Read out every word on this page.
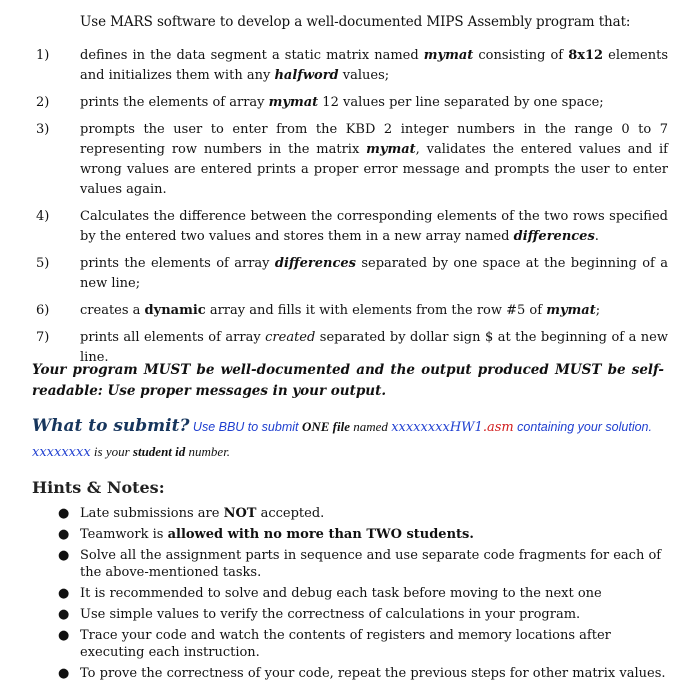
Use MARS software to develop a well-documented MIPS Assembly program that:
1)	defines in the data segment a static matrix named mymat consisting of 8x12 elements and initializes them with any halfword values;
2)	prints the elements of array mymat 12 values per line separated by one space;
3)	prompts the user to enter from the KBD 2 integer numbers in the range 0 to 7 representing row numbers in the matrix mymat, validates the entered values and if wrong values are entered prints a proper error message and prompts the user to enter values again.
4)	Calculates the difference between the corresponding elements of the two rows specified by the entered two values and stores them in a new array named differences.
5)	prints the elements of array differences separated by one space at the beginning of a new line;
6)	creates a dynamic array and fills it with elements from the row #5 of mymat;
7)	prints all elements of array created separated by dollar sign $ at the beginning of a new line.
Your program MUST be well-documented and the output produced MUST be self-readable: Use proper messages in your output.
What to submit? Use BBU to submit ONE file named xxxxxxxxHW1.asm containing your solution. xxxxxxxx is your student id number.
Hints & Notes:
● Late submissions are NOT accepted.
● Teamwork is allowed with no more than TWO students.
● Solve all the assignment parts in sequence and use separate code fragments for each of the above-mentioned tasks.
● It is recommended to solve and debug each task before moving to the next one
● Use simple values to verify the correctness of calculations in your program.
● Trace your code and watch the contents of registers and memory locations after executing each instruction.
● To prove the correctness of your code, repeat the previous steps for other matrix values.
